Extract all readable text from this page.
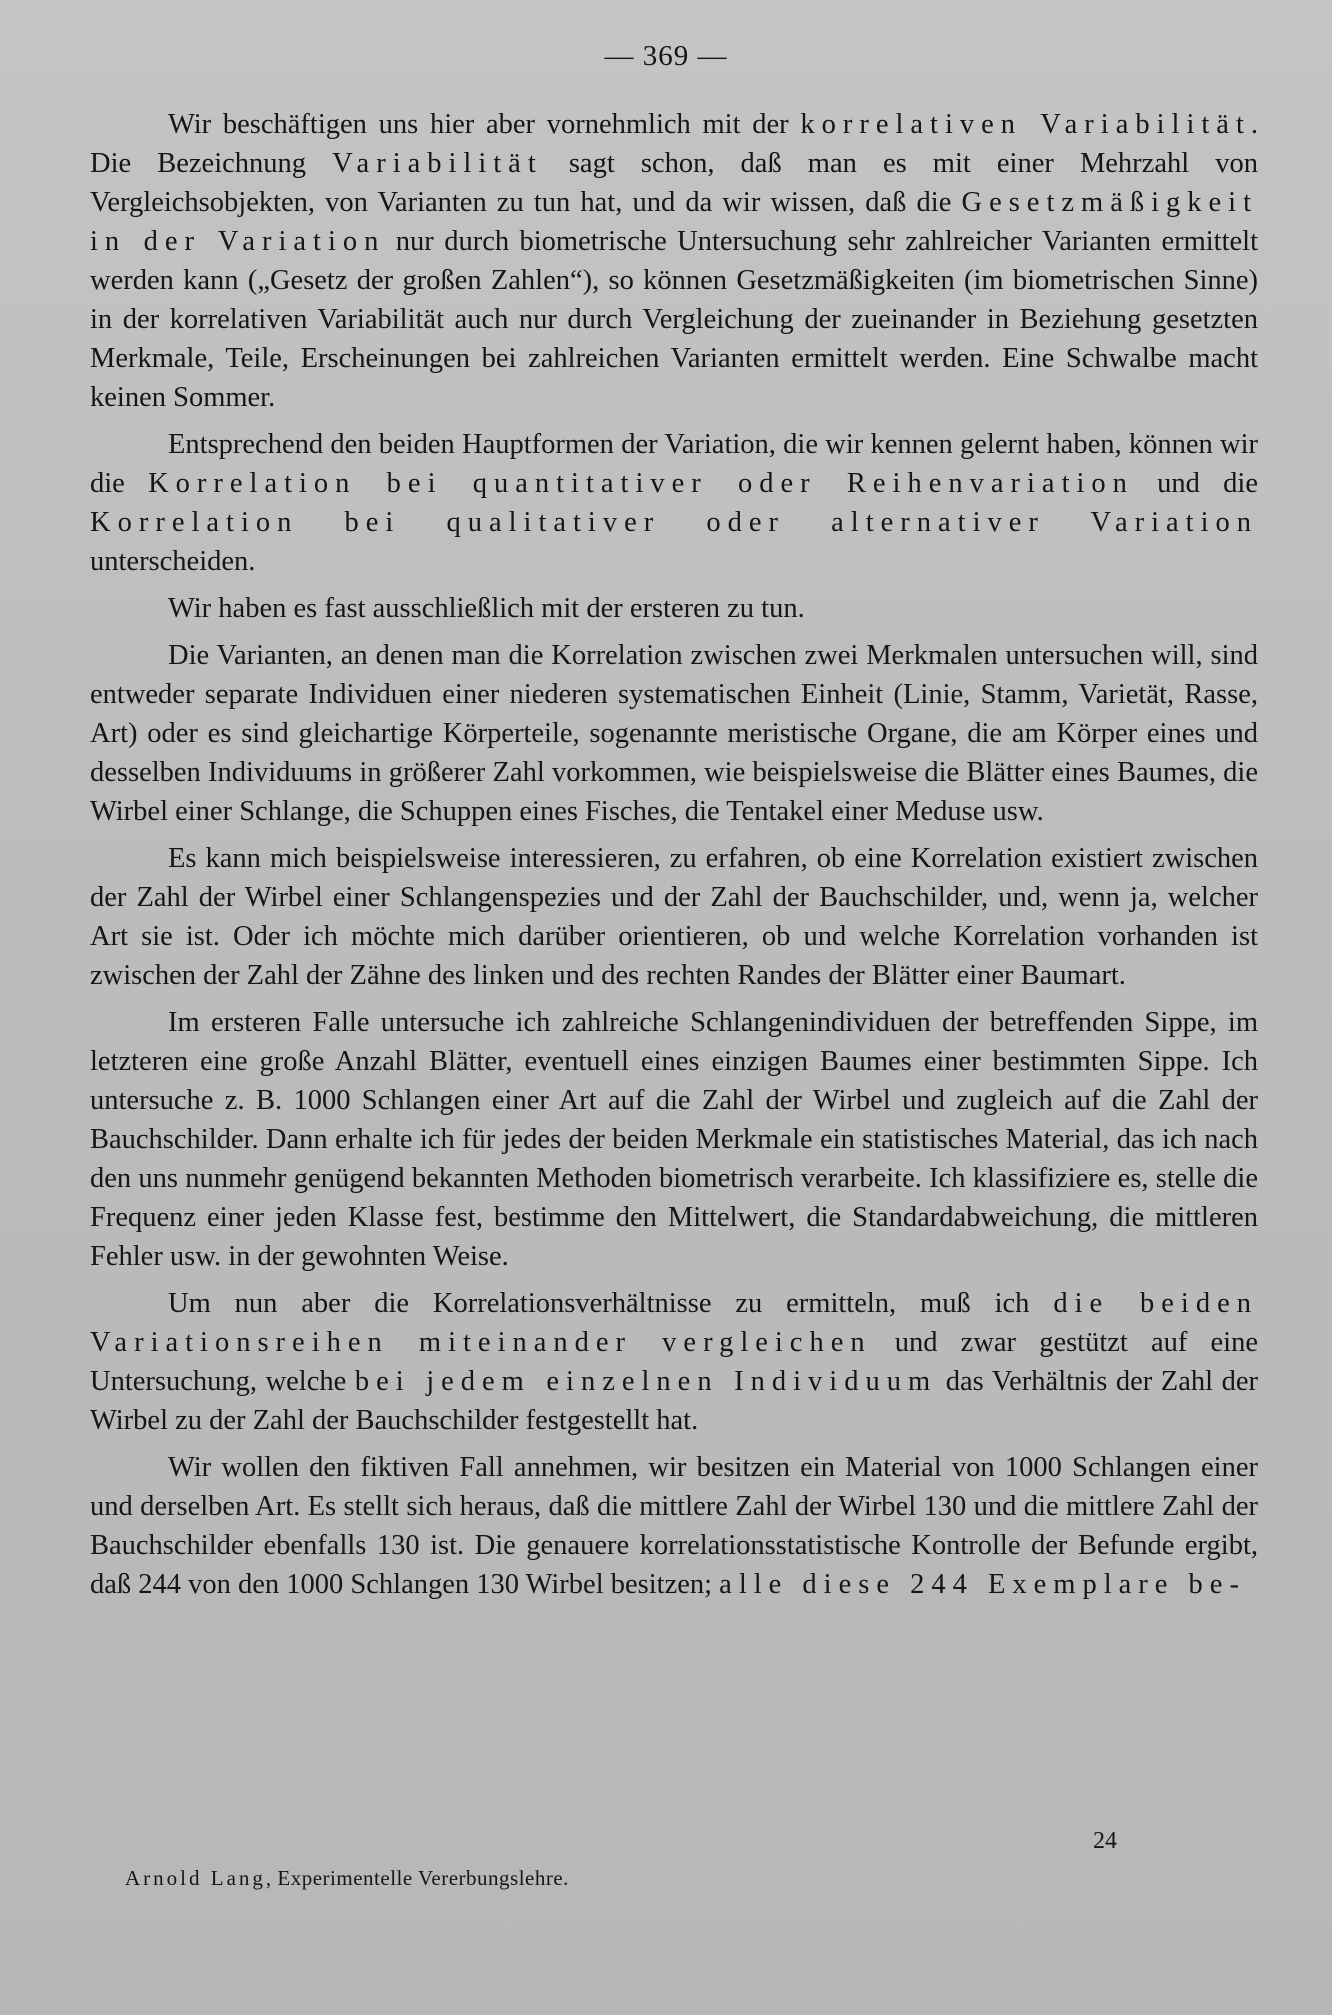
— 369 —

Wir beschäftigen uns hier aber vornehmlich mit der korrelativen Variabilität. Die Bezeichnung Variabilität sagt schon, daß man es mit einer Mehrzahl von Vergleichsobjekten, von Varianten zu tun hat, und da wir wissen, daß die Gesetzmäßigkeit in der Variation nur durch biometrische Untersuchung sehr zahlreicher Varianten ermittelt werden kann („Gesetz der großen Zahlen“), so können Gesetzmäßigkeiten (im biometrischen Sinne) in der korrelativen Variabilität auch nur durch Vergleichung der zueinander in Beziehung gesetzten Merkmale, Teile, Erscheinungen bei zahlreichen Varianten ermittelt werden. Eine Schwalbe macht keinen Sommer.

Entsprechend den beiden Hauptformen der Variation, die wir kennen gelernt haben, können wir die Korrelation bei quantitativer oder Reihenvariation und die Korrelation bei qualitativer oder alternativer Variation unterscheiden.

Wir haben es fast ausschließlich mit der ersteren zu tun.

Die Varianten, an denen man die Korrelation zwischen zwei Merkmalen untersuchen will, sind entweder separate Individuen einer niederen systematischen Einheit (Linie, Stamm, Varietät, Rasse, Art) oder es sind gleichartige Körperteile, sogenannte meristische Organe, die am Körper eines und desselben Individuums in größerer Zahl vorkommen, wie beispielsweise die Blätter eines Baumes, die Wirbel einer Schlange, die Schuppen eines Fisches, die Tentakel einer Meduse usw.

Es kann mich beispielsweise interessieren, zu erfahren, ob eine Korrelation existiert zwischen der Zahl der Wirbel einer Schlangenspezies und der Zahl der Bauchschilder, und, wenn ja, welcher Art sie ist. Oder ich möchte mich darüber orientieren, ob und welche Korrelation vorhanden ist zwischen der Zahl der Zähne des linken und des rechten Randes der Blätter einer Baumart.

Im ersteren Falle untersuche ich zahlreiche Schlangenindividuen der betreffenden Sippe, im letzteren eine große Anzahl Blätter, eventuell eines einzigen Baumes einer bestimmten Sippe. Ich untersuche z. B. 1000 Schlangen einer Art auf die Zahl der Wirbel und zugleich auf die Zahl der Bauchschilder. Dann erhalte ich für jedes der beiden Merkmale ein statistisches Material, das ich nach den uns nunmehr genügend bekannten Methoden biometrisch verarbeite. Ich klassifiziere es, stelle die Frequenz einer jeden Klasse fest, bestimme den Mittelwert, die Standardabweichung, die mittleren Fehler usw. in der gewohnten Weise.

Um nun aber die Korrelationsverhältnisse zu ermitteln, muß ich die beiden Variationsreihen miteinander vergleichen und zwar gestützt auf eine Untersuchung, welche bei jedem einzelnen Individuum das Verhältnis der Zahl der Wirbel zu der Zahl der Bauchschilder festgestellt hat.

Wir wollen den fiktiven Fall annehmen, wir besitzen ein Material von 1000 Schlangen einer und derselben Art. Es stellt sich heraus, daß die mittlere Zahl der Wirbel 130 und die mittlere Zahl der Bauchschilder ebenfalls 130 ist. Die genauere korrelationsstatistische Kontrolle der Befunde ergibt, daß 244 von den 1000 Schlangen 130 Wirbel besitzen; alle diese 244 Exemplare be-

24
Arnold Lang, Experimentelle Vererbungslehre.
